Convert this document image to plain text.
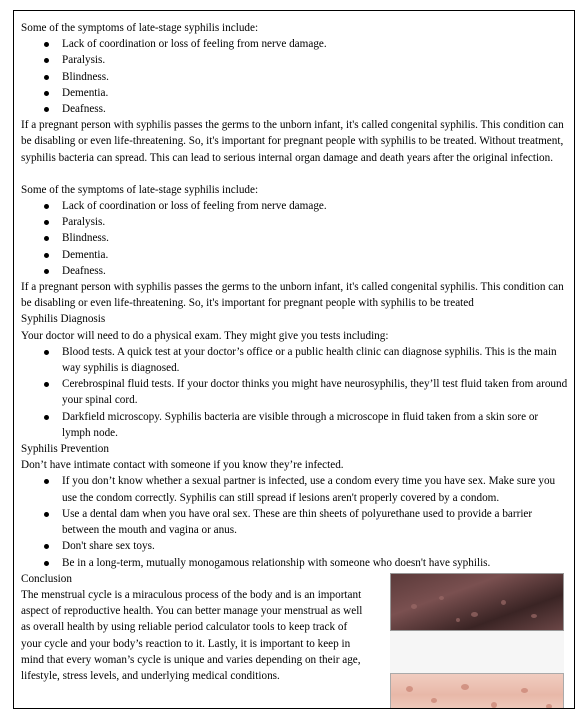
Some of the symptoms of late-stage syphilis include:

Lack of coordination or loss of feeling from nerve damage.
Paralysis.
Blindness.
Dementia.
Deafness.

If a pregnant person with syphilis passes the germs to the unborn infant, it's called congenital syphilis. This condition can be disabling or even life-threatening. So, it's important for pregnant people with syphilis to be treated. Without treatment, syphilis bacteria can spread. This can lead to serious internal organ damage and death years after the original infection.

Some of the symptoms of late-stage syphilis include:

Lack of coordination or loss of feeling from nerve damage.
Paralysis.
Blindness.
Dementia.
Deafness.

If a pregnant person with syphilis passes the germs to the unborn infant, it's called congenital syphilis. This condition can be disabling or even life-threatening. So, it's important for pregnant people with syphilis to be treated

Syphilis Diagnosis

Your doctor will need to do a physical exam. They might give you tests including:

Blood tests. A quick test at your doctor’s office or a public health clinic can diagnose syphilis. This is the main way syphilis is diagnosed.
Cerebrospinal fluid tests. If your doctor thinks you might have neurosyphilis, they’ll test fluid taken from around your spinal cord.
Darkfield microscopy. Syphilis bacteria are visible through a microscope in fluid taken from a skin sore or lymph node.

Syphilis Prevention

Don’t have intimate contact with someone if you know they’re infected.

If you don’t know whether a sexual partner is infected, use a condom every time you have sex. Make sure you use the condom correctly. Syphilis can still spread if lesions aren't properly covered by a condom.
Use a dental dam when you have oral sex. These are thin sheets of polyurethane used to provide a barrier between the mouth and vagina or anus.
Don't share sex toys.
Be in a long-term, mutually monogamous relationship with someone who doesn't have syphilis.

Conclusion

The menstrual cycle is a miraculous process of the body and is an important aspect of reproductive health. You can better manage your menstrual as well as overall health by using reliable period calculator tools to keep track of your cycle and your body’s reaction to it. Lastly, it is important to keep in mind that every woman’s cycle is unique and varies depending on their age, lifestyle, stress levels, and underlying medical conditions.
